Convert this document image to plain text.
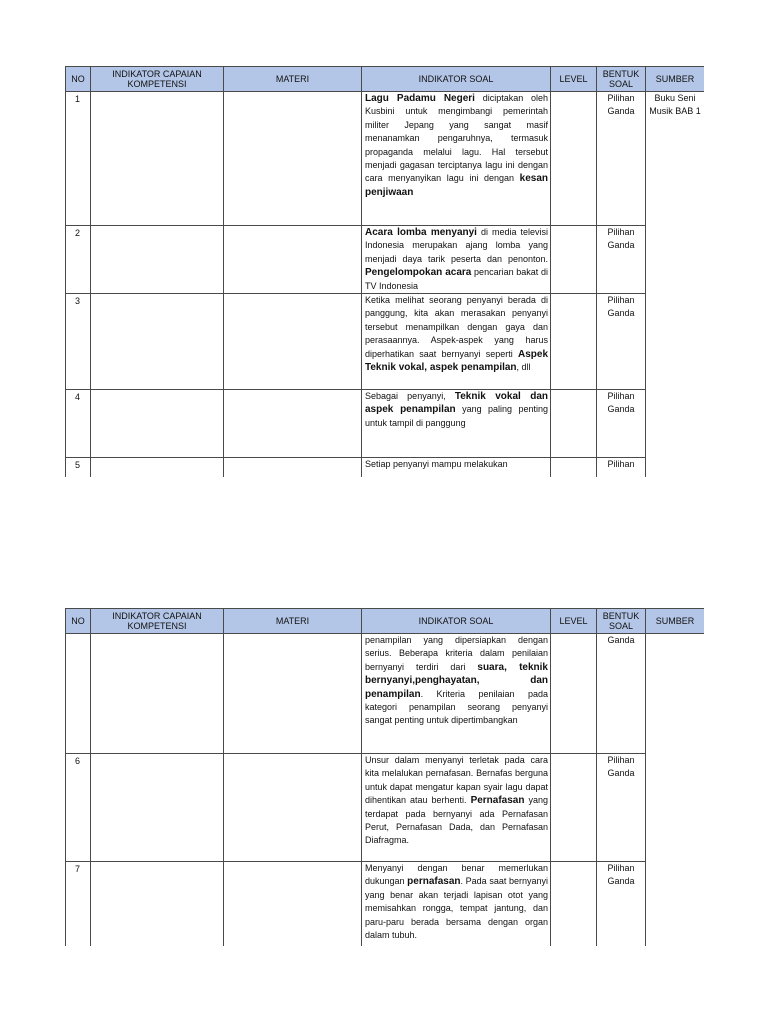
NO	INDIKATOR CAPAIAN KOMPETENSI	MATERI	INDIKATOR SOAL	LEVEL	BENTUK SOAL	SUMBER
1			Lagu Padamu Negeri diciptakan oleh Kusbini untuk mengimbangi pemerintah militer Jepang yang sangat masif menanamkan pengaruhnya, termasuk propaganda melalui lagu. Hal tersebut menjadi gagasan terciptanya lagu ini dengan cara menyanyikan lagu ini dengan kesan penjiwaan		Pilihan Ganda	Buku Seni Musik BAB 1
2			Acara lomba menyanyi di media televisi Indonesia merupakan ajang lomba yang menjadi daya tarik peserta dan penonton. Pengelompokan acara pencarian bakat di TV Indonesia		Pilihan Ganda	
3			Ketika melihat seorang penyanyi berada di panggung, kita akan merasakan penyanyi tersebut menampilkan dengan gaya dan perasaannya. Aspek-aspek yang harus diperhatikan saat bernyanyi seperti Aspek Teknik vokal, aspek penampilan, dll		Pilihan Ganda	
4			Sebagai penyanyi, Teknik vokal dan aspek penampilan yang paling penting untuk tampil di panggung		Pilihan Ganda	
5			Setiap penyanyi mampu melakukan		Pilihan	
NO	INDIKATOR CAPAIAN KOMPETENSI	MATERI	INDIKATOR SOAL	LEVEL	BENTUK SOAL	SUMBER

			penampilan yang dipersiapkan dengan serius. Beberapa kriteria dalam penilaian bernyanyi terdiri dari suara, teknik bernyanyi,penghayatan, dan penampilan. Kriteria penilaian pada kategori penampilan seorang penyanyi sangat penting untuk dipertimbangkan		Ganda	
6			Unsur dalam menyanyi terletak pada cara kita melalukan pernafasan. Bernafas berguna untuk dapat mengatur kapan syair lagu dapat dihentikan atau berhenti. Pernafasan yang terdapat pada bernyanyi ada Pernafasan Perut, Pernafasan Dada, dan Pernafasan Diafragma.		Pilihan Ganda	
7			Menyanyi dengan benar memerlukan dukungan pernafasan. Pada saat bernyanyi yang benar akan terjadi lapisan otot yang memisahkan rongga, tempat jantung, dan paru-paru berada bersama dengan organ dalam tubuh.		Pilihan Ganda	
